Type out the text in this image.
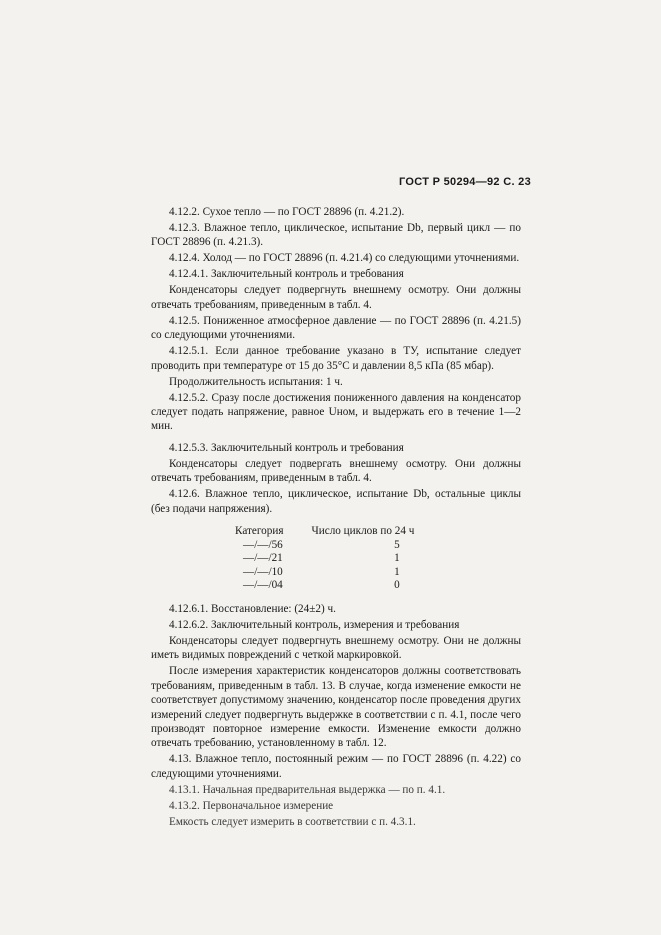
ГОСТ Р 50294—92 С. 23

4.12.2. Сухое тепло — по ГОСТ 28896 (п. 4.21.2).

4.12.3. Влажное тепло, циклическое, испытание Db, первый цикл — по ГОСТ 28896 (п. 4.21.3).

4.12.4. Холод — по ГОСТ 28896 (п. 4.21.4) со следующими уточнениями.

4.12.4.1. Заключительный контроль и требования

Конденсаторы следует подвергнуть внешнему осмотру. Они должны отвечать требованиям, приведенным в табл. 4.

4.12.5. Пониженное атмосферное давление — по ГОСТ 28896 (п. 4.21.5) со следующими уточнениями.

4.12.5.1. Если данное требование указано в ТУ, испытание следует проводить при температуре от 15 до 35°С и давлении 8,5 кПа (85 мбар).

Продолжительность испытания: 1 ч.

4.12.5.2. Сразу после достижения пониженного давления на конденсатор следует подать напряжение, равное Uном, и выдержать его в течение 1—2 мин.

4.12.5.3. Заключительный контроль и требования

Конденсаторы следует подвергать внешнему осмотру. Они должны отвечать требованиям, приведенным в табл. 4.

4.12.6. Влажное тепло, циклическое, испытание Db, остальные циклы (без подачи напряжения).

Категория	Число циклов по 24 ч
—/—/56	5
—/—/21	1
—/—/10	1
—/—/04	0

4.12.6.1. Восстановление: (24±2) ч.

4.12.6.2. Заключительный контроль, измерения и требования

Конденсаторы следует подвергнуть внешнему осмотру. Они не должны иметь видимых повреждений с четкой маркировкой.

После измерения характеристик конденсаторов должны соответствовать требованиям, приведенным в табл. 13. В случае, когда изменение емкости не соответствует допустимому значению, конденсатор после проведения других измерений следует подвергнуть выдержке в соответствии с п. 4.1, после чего производят повторное измерение емкости. Изменение емкости должно отвечать требованию, установленному в табл. 12.

4.13. Влажное тепло, постоянный режим — по ГОСТ 28896 (п. 4.22) со следующими уточнениями.

4.13.1. Начальная предварительная выдержка — по п. 4.1.

4.13.2. Первоначальное измерение

Емкость следует измерить в соответствии с п. 4.3.1.
